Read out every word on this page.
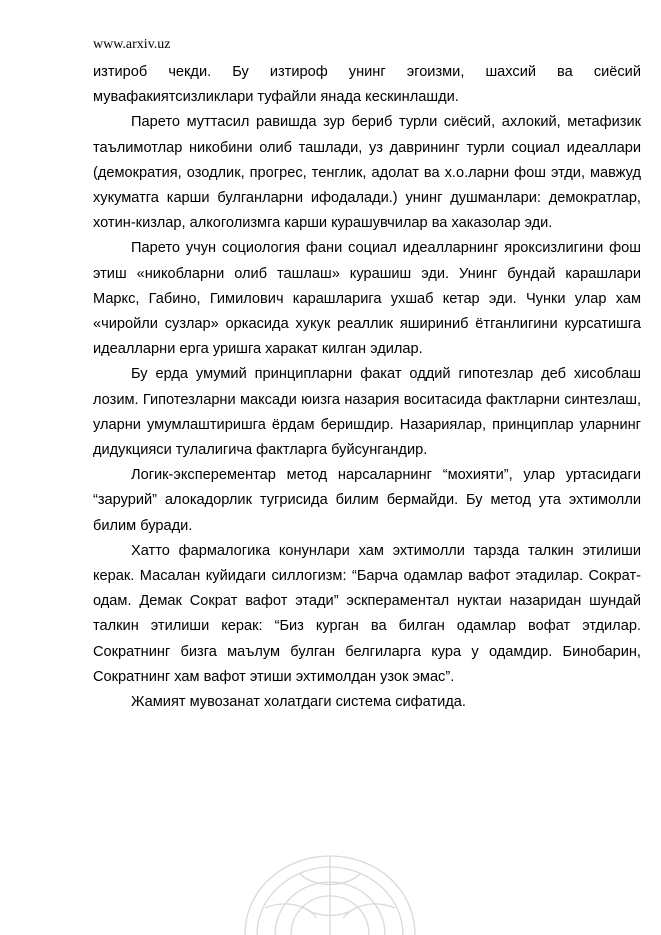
www.arxiv.uz

изтироб чекди. Бу изтироф унинг эгоизми, шахсий ва сиёсий мувафакиятсизликлари туфайли янада кескинлашди.

Парето муттасил равишда зур бериб турли сиёсий, ахлокий, метафизик таълимотлар никобини олиб ташлади, уз даврининг турли социал идеаллари (демократия, озодлик, прогрес, тенглик, адолат ва х.о.ларни фош этди, мавжуд хукуматга карши булганларни ифодалади.) унинг душманлари: демократлар, хотин-кизлар, алкоголизмга карши курашувчилар ва хаказолар эди.

Парето учун социология фани социал идеалларнинг яроксизлигини фош этиш «никобларни олиб ташлаш» курашиш эди. Унинг бундай карашлари Маркс, Габино, Гимилович карашларига ухшаб кетар эди. Чунки улар хам «чиройли сузлар» оркасида хукук реаллик яшириниб ётганлигини курсатишга идеалларни ерга уришга харакат килган эдилар.

Бу ерда умумий принципларни факат оддий гипотезлар деб хисоблаш лозим. Гипотезларни максади юизга назария воситасида фактларни синтезлаш, уларни умумлаштиришга ёрдам беришдир. Назариялар, принциплар уларнинг дидукцияси тулалигича фактларга буйсунгандир.

Логик-эксперементар метод нарсаларнинг “мохияти”, улар уртасидаги “зарурий” алокадорлик тугрисида билим бермайди. Бу метод ута эхтимолли билим буради.

Хатто фармалогика конунлари хам эхтимолли тарзда талкин этилиши керак. Масалан куйидаги силлогизм: “Барча одамлар вафот этадилар. Сократ-одам. Демак Сократ вафот этади” эскпераментал нуктаи назаридан шундай талкин этилиши керак: “Биз курган ва билган одамлар вофат этдилар. Сократнинг бизга маълум булган белгиларга кура у одамдир. Бинобарин, Сократнинг хам вафот этиши эхтимолдан узок эмас”.

Жамият мувозанат холатдаги система сифатида.
